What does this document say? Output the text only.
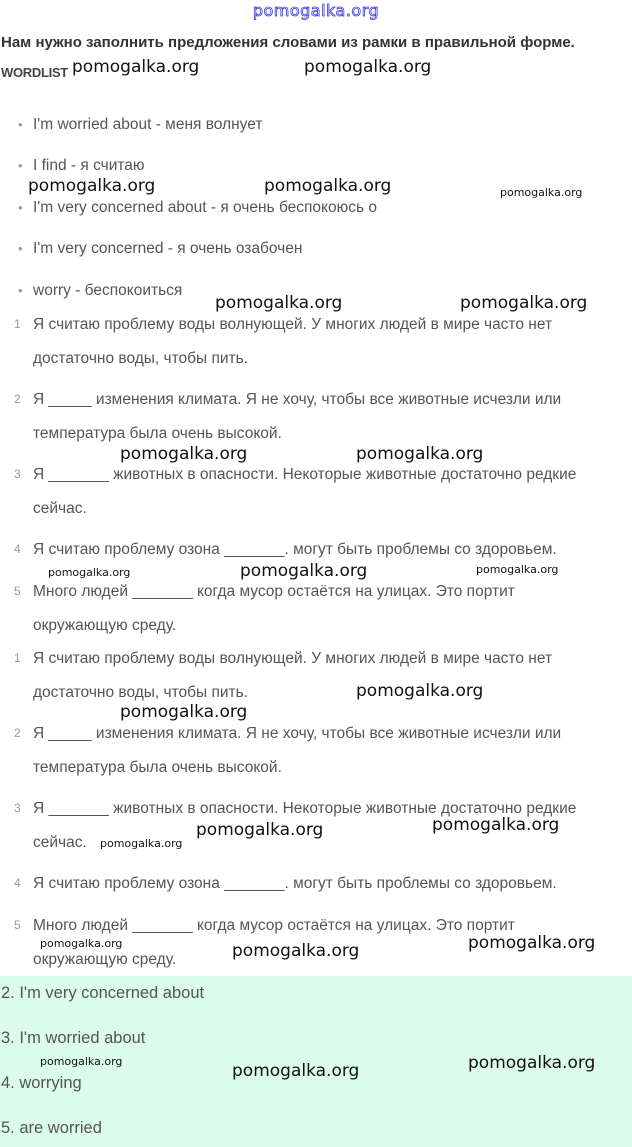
pomogalka.org
Нам нужно заполнить предложения словами из рамки в правильной форме.
WORDLIST
I'm worried about - меня волнует
•
I find - я считаю
•
I'm very concerned about - я очень беспокоюсь о
•
I'm very concerned - я очень озабочен
•
worry - беспокоиться
•
1 Я считаю проблему воды волнующей. У многих людей в мире часто нет
достаточно воды, чтобы пить.
2 Я _____ изменения климата. Я не хочу, чтобы все животные исчезли или
температура была очень высокой.
3 Я _______ животных в опасности. Некоторые животные достаточно редкие
сейчас.
4 Я считаю проблему озона _______. могут быть проблемы со здоровьем.
5 Много людей _______ когда мусор остаётся на улицах. Это портит
окружающую среду.
1 Я считаю проблему воды волнующей. У многих людей в мире часто нет
достаточно воды, чтобы пить.
2 Я _____ изменения климата. Я не хочу, чтобы все животные исчезли или
температура была очень высокой.
3 Я _______ животных в опасности. Некоторые животные достаточно редкие
сейчас.
4 Я считаю проблему озона _______. могут быть проблемы со здоровьем.
5 Много людей _______ когда мусор остаётся на улицах. Это портит
окружающую среду.
2. I'm very concerned about
3. I'm worried about
4. worrying
5. are worried
pomogalka.org	pomogalka.org
pomogalka.org	pomogalka.org	pomogalka.org
pomogalka.org	pomogalka.org
pomogalka.org	pomogalka.org
pomogalka.org	pomogalka.org	pomogalka.org
pomogalka.org
pomogalka.org
pomogalka.org	pomogalka.org
pomogalka.org
pomogalka.org	pomogalka.org	pomogalka.org
pomogalka.org	pomogalka.org	pomogalka.org
